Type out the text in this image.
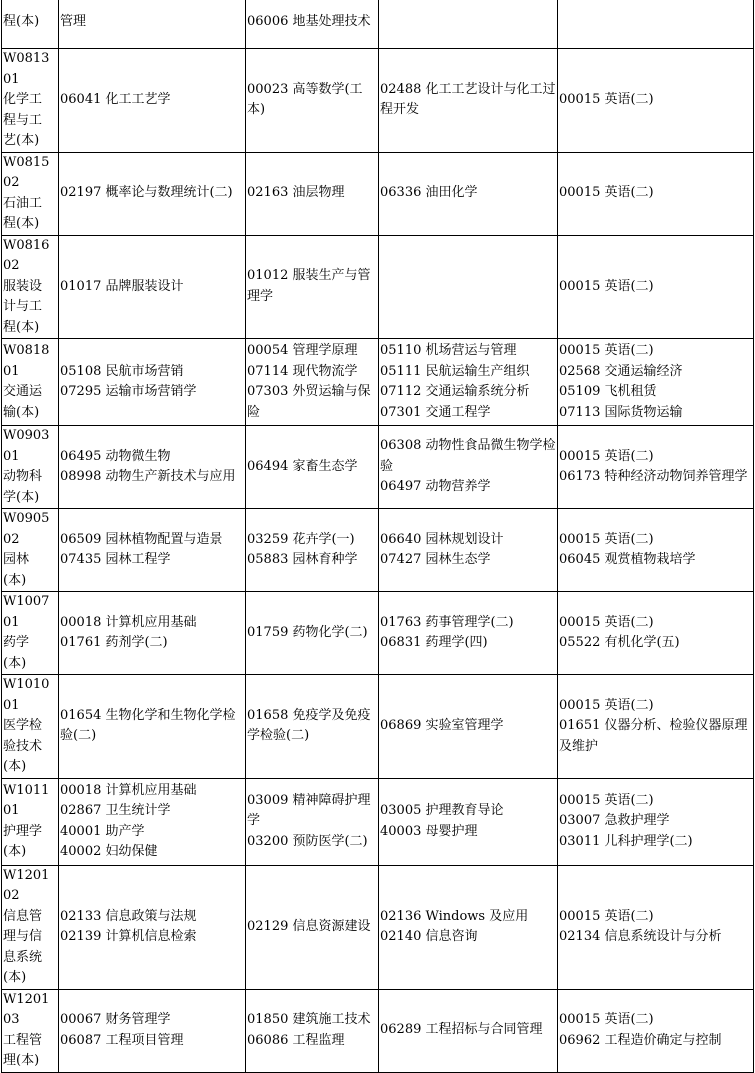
程(本)	管理	06006 地基处理技术		

W081301
化学工
程与工
艺(本)	06041 化工工艺学	00023 高等数学(工本)	02488 化工工艺设计与化工过程开发	00015 英语(二)

W081502
石油工
程(本)	02197 概率论与数理统计(二)	02163 油层物理	06336 油田化学	00015 英语(二)

W081602
服装设
计与工
程(本)	01017 品牌服装设计	01012 服装生产与管理学		00015 英语(二)

W081801
交通运
输(本)	05108 民航市场营销
07295 运输市场营销学	00054 管理学原理
07114 现代物流学
07303 外贸运输与保险	05110 机场营运与管理
05111 民航运输生产组织
07112 交通运输系统分析
07301 交通工程学	00015 英语(二)
02568 交通运输经济
05109 飞机租赁
07113 国际货物运输

W090301
动物科
学(本)	06495 动物微生物
08998 动物生产新技术与应用	06494 家畜生态学	06308 动物性食品微生物学检验
06497 动物营养学	00015 英语(二)
06173 特种经济动物饲养管理学

W090502
园林
(本)	06509 园林植物配置与造景
07435 园林工程学	03259 花卉学(一)
05883 园林育种学	06640 园林规划设计
07427 园林生态学	00015 英语(二)
06045 观赏植物栽培学

W100701
药学
(本)	00018 计算机应用基础
01761 药剂学(二)	01759 药物化学(二)	01763 药事管理学(二)
06831 药理学(四)	00015 英语(二)
05522 有机化学(五)

W101001
医学检
验技术
(本)	01654 生物化学和生物化学检验(二)	01658 免疫学及免疫学检验(二)	06869 实验室管理学	00015 英语(二)
01651 仪器分析、检验仪器原理及维护

W101101
护理学
(本)	00018 计算机应用基础
02867 卫生统计学
40001 助产学
40002 妇幼保健	03009 精神障碍护理学
03200 预防医学(二)	03005 护理教育导论
40003 母婴护理	00015 英语(二)
03007 急救护理学
03011 儿科护理学(二)

W120102
信息管
理与信
息系统
(本)	02133 信息政策与法规
02139 计算机信息检索	02129 信息资源建设	02136 Windows 及应用
02140 信息咨询	00015 英语(二)
02134 信息系统设计与分析

W120103
工程管
理(本)	00067 财务管理学
06087 工程项目管理	01850 建筑施工技术
06086 工程监理	06289 工程招标与合同管理	00015 英语(二)
06962 工程造价确定与控制
